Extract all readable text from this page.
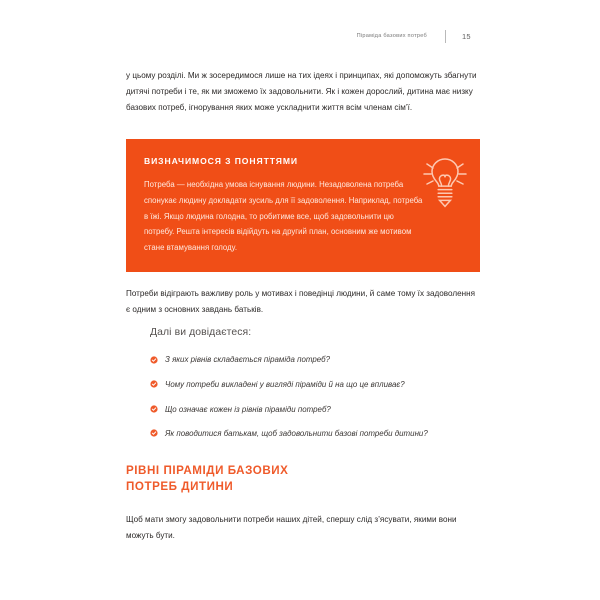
Піраміда базових потреб	15

у цьому розділі. Ми ж зосередимося лише на тих ідеях і принципах, які допоможуть збагнути дитячі потреби і те, як ми зможемо їх задовольнити. Як і кожен дорослий, дитина має низку базових потреб, ігнорування яких може ускладнити життя всім членам сім’ї.

ВИЗНАЧИМОСЯ З ПОНЯТТЯМИ

Потреба — необхідна умова існування людини. Незадоволена потреба спонукає людину докладати зусиль для її задоволення. Наприклад, потреба в їжі. Якщо людина голодна, то робитиме все, щоб задовольнити цю потребу. Решта інтересів відійдуть на другий план, основним же мотивом стане втамування голоду.

Потреби відіграють важливу роль у мотивах і поведінці людини, й саме тому їх задоволення є одним з основних завдань батьків.

Далі ви довідаєтеся:
З яких рівнів складається піраміда потреб?
Чому потреби викладені у вигляді піраміди й на що це впливає?
Що означає кожен із рівнів піраміди потреб?
Як поводитися батькам, щоб задовольнити базові потреби дитини?
РІВНІ ПІРАМІДИ БАЗОВИХ
ПОТРЕБ ДИТИНИ

Щоб мати змогу задовольнити потреби наших дітей, спершу слід з’ясувати, якими вони можуть бути.
